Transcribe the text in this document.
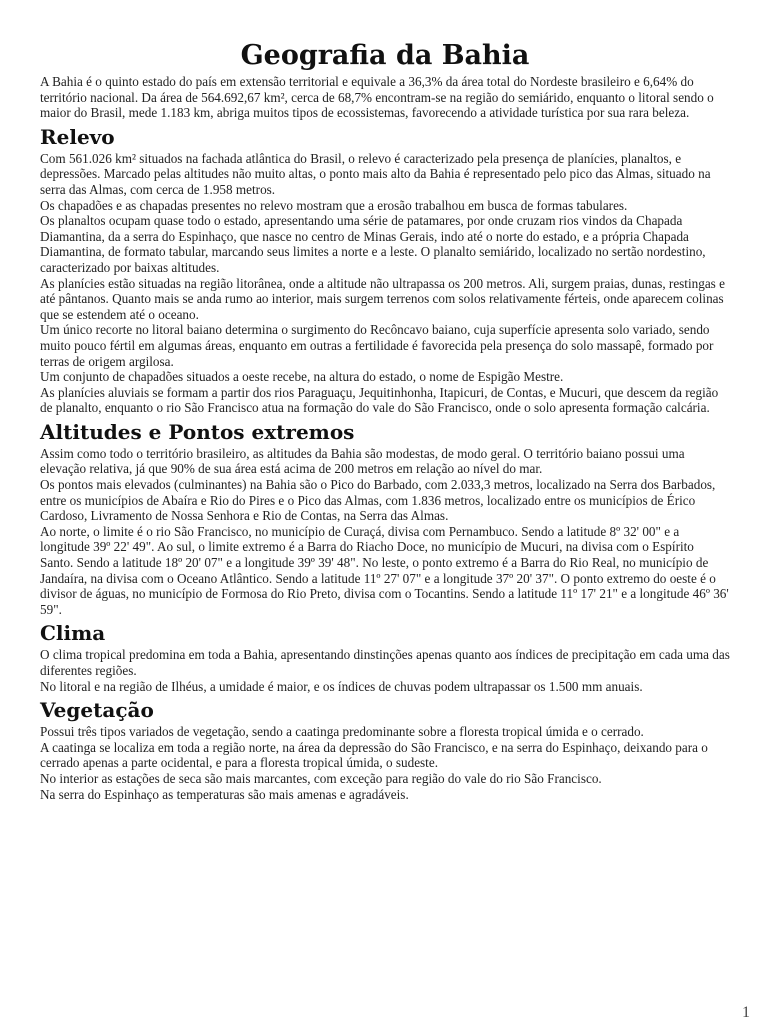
Geografia da Bahia

A Bahia é o quinto estado do país em extensão territorial e equivale a 36,3% da área total do Nordeste brasileiro e 6,64% do território nacional. Da área de 564.692,67 km², cerca de 68,7% encontram-se na região do semiárido, enquanto o litoral sendo o maior do Brasil, mede 1.183 km, abriga muitos tipos de ecossistemas, favorecendo a atividade turística por sua rara beleza.

Relevo

Com 561.026 km² situados na fachada atlântica do Brasil, o relevo é caracterizado pela presença de planícies, planaltos, e depressões. Marcado pelas altitudes não muito altas, o ponto mais alto da Bahia é representado pelo pico das Almas, situado na serra das Almas, com cerca de 1.958 metros.

Os chapadões e as chapadas presentes no relevo mostram que a erosão trabalhou em busca de formas tabulares.

Os planaltos ocupam quase todo o estado, apresentando uma série de patamares, por onde cruzam rios vindos da Chapada Diamantina, da a serra do Espinhaço, que nasce no centro de Minas Gerais, indo até o norte do estado, e a própria Chapada Diamantina, de formato tabular, marcando seus limites a norte e a leste. O planalto semiárido, localizado no sertão nordestino, caracterizado por baixas altitudes.

As planícies estão situadas na região litorânea, onde a altitude não ultrapassa os 200 metros. Ali, surgem praias, dunas, restingas e até pântanos. Quanto mais se anda rumo ao interior, mais surgem terrenos com solos relativamente férteis, onde aparecem colinas que se estendem até o oceano.

Um único recorte no litoral baiano determina o surgimento do Recôncavo baiano, cuja superfície apresenta solo variado, sendo muito pouco fértil em algumas áreas, enquanto em outras a fertilidade é favorecida pela presença do solo massapê, formado por terras de origem argilosa.

Um conjunto de chapadões situados a oeste recebe, na altura do estado, o nome de Espigão Mestre.

As planícies aluviais se formam a partir dos rios Paraguaçu, Jequitinhonha, Itapicuri, de Contas, e Mucuri, que descem da região de planalto, enquanto o rio São Francisco atua na formação do vale do São Francisco, onde o solo apresenta formação calcária.

Altitudes e Pontos extremos

Assim como todo o território brasileiro, as altitudes da Bahia são modestas, de modo geral. O território baiano possui uma elevação relativa, já que 90% de sua área está acima de 200 metros em relação ao nível do mar.

Os pontos mais elevados (culminantes) na Bahia são o Pico do Barbado, com 2.033,3 metros, localizado na Serra dos Barbados, entre os municípios de Abaíra e Rio do Pires e o Pico das Almas, com 1.836 metros, localizado entre os municípios de Érico Cardoso, Livramento de Nossa Senhora e Rio de Contas, na Serra das Almas.

Ao norte, o limite é o rio São Francisco, no município de Curaçá, divisa com Pernambuco. Sendo a latitude 8º 32' 00" e a longitude 39º 22' 49". Ao sul, o limite extremo é a Barra do Riacho Doce, no município de Mucuri, na divisa com o Espírito Santo. Sendo a latitude 18º 20' 07" e a longitude 39º 39' 48". No leste, o ponto extremo é a Barra do Rio Real, no município de Jandaíra, na divisa com o Oceano Atlântico. Sendo a latitude 11º 27' 07" e a longitude 37º 20' 37". O ponto extremo do oeste é o divisor de águas, no município de Formosa do Rio Preto, divisa com o Tocantins. Sendo a latitude 11º 17' 21" e a longitude 46º 36' 59".

Clima

O clima tropical predomina em toda a Bahia, apresentando dinstinções apenas quanto aos índices de precipitação em cada uma das diferentes regiões.

No litoral e na região de Ilhéus, a umidade é maior, e os índices de chuvas podem ultrapassar os 1.500 mm anuais.

Vegetação

Possui três tipos variados de vegetação, sendo a caatinga predominante sobre a floresta tropical úmida e o cerrado.

A caatinga se localiza em toda a região norte, na área da depressão do São Francisco, e na serra do Espinhaço, deixando para o cerrado apenas a parte ocidental, e para a floresta tropical úmida, o sudeste.

No interior as estações de seca são mais marcantes, com exceção para região do vale do rio São Francisco.

Na serra do Espinhaço as temperaturas são mais amenas e agradáveis.

1
